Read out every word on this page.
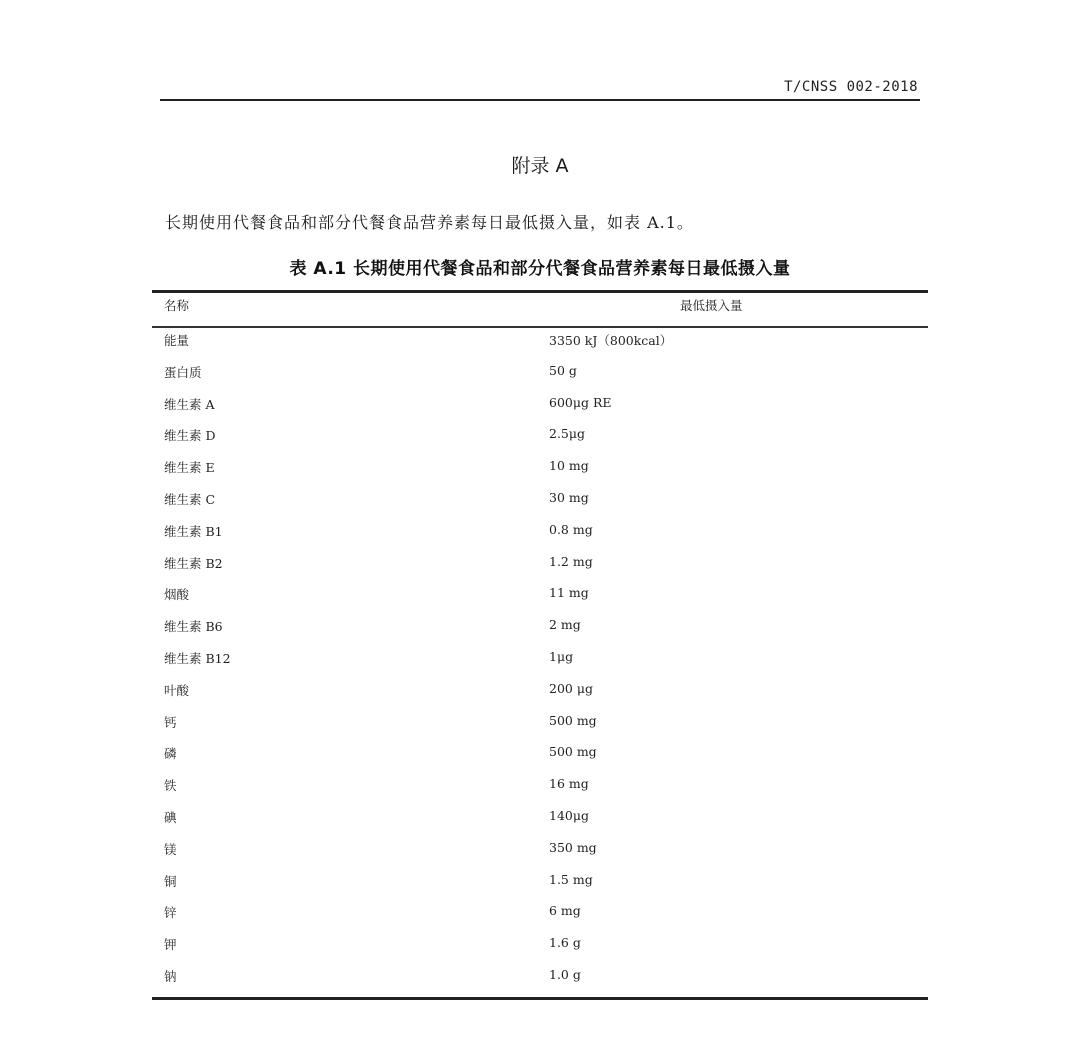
T/CNSS 002-2018
附录 A
长期使用代餐食品和部分代餐食品营养素每日最低摄入量，如表 A.1。
表 A.1 长期使用代餐食品和部分代餐食品营养素每日最低摄入量
名称	最低摄入量
能量	3350 kJ（800kcal）
蛋白质	50 g
维生素 A	600μg RE
维生素 D	2.5μg
维生素 E	10 mg
维生素 C	30 mg
维生素 B1	0.8 mg
维生素 B2	1.2 mg
烟酸	11 mg
维生素 B6	2 mg
维生素 B12	1μg
叶酸	200 μg
钙	500 mg
磷	500 mg
铁	16 mg
碘	140μg
镁	350 mg
铜	1.5 mg
锌	6 mg
钾	1.6 g
钠	1.0 g
